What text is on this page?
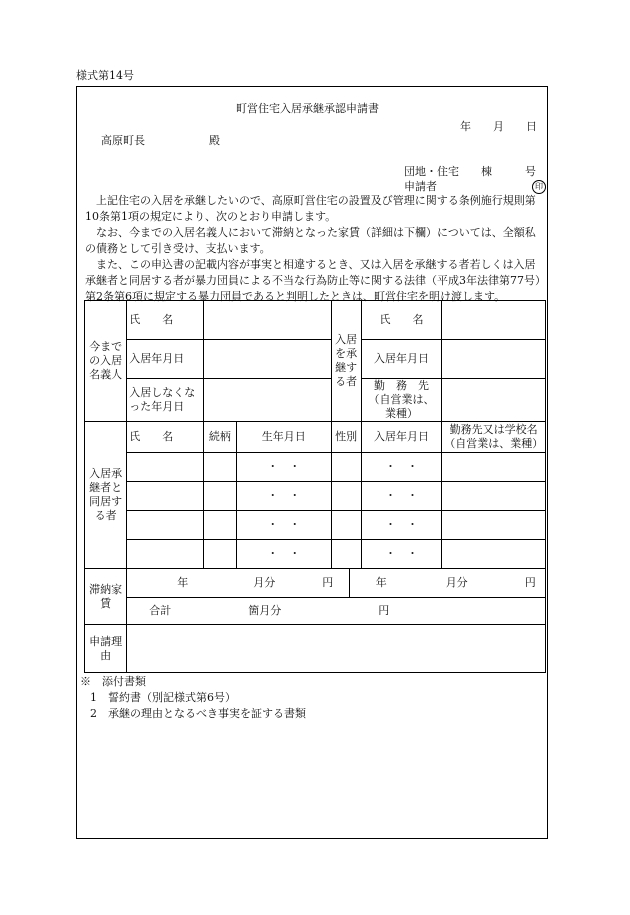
様式第14号
町営住宅入居承継承認申請書
年　　月　　日
高原町長	殿
団地・住宅　　棟　　　号
申請者	印
　上記住宅の入居を承継したいので、高原町営住宅の設置及び管理に関する条例施行規則第10条第1項の規定により、次のとおり申請します。
　なお、今までの入居名義人において滞納となった家賃（詳細は下欄）については、全額私の債務として引き受け、支払います。
　また、この申込書の記載内容が事実と相違するとき、又は入居を承継する者若しくは入居承継者と同居する者が暴力団員による不当な行為防止等に関する法律（平成3年法律第77号）第2条第6項に規定する暴力団員であると判明したときは、町営住宅を明け渡します。
今までの入居名義人	氏　　名			入居を承継する者		氏　　名	
	入居年月日					入居年月日	
	入居しなくなった年月日					勤　務　先
（自営業は、業種）	

入居承継者と同居する者	氏　　名	続柄	生年月日	性別		入居年月日	勤務先又は学校名
（自営業は、業種）

			・　・			・　・	
			・　・			・　・	
			・　・			・　・	
			・　・			・　・	
滞納家賃	年 月分 円				年 月分 円		
	合計 箇月分 円						
申請理由							
※　添付書類
1　誓約書（別記様式第6号）
2　承継の理由となるべき事実を証する書類
